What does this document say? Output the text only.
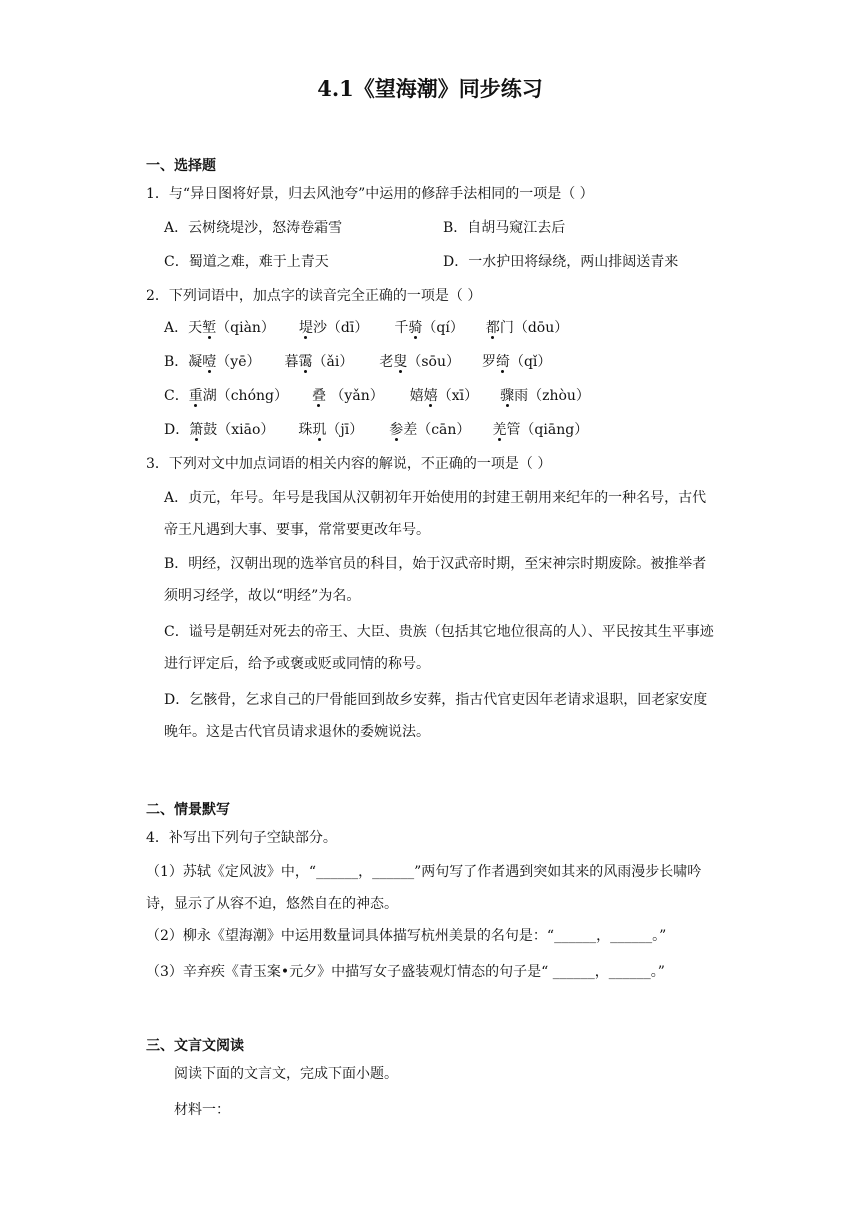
4.1《望海潮》同步练习
一、选择题
1．与“异日图将好景，归去风池夸”中运用的修辞手法相同的一项是（ ）
A．云树绕堤沙，怒涛卷霜雪	B．自胡马窥江去后
C．蜀道之难，难于上青天	D．一水护田将绿绕，两山排闼送青来
2．下列词语中，加点字的读音完全正确的一项是（ ）
A．天堑（qiàn） 堤沙（dī） 千骑（qí） 都门（dōu）
B．凝噎（yē） 暮霭（ǎi） 老叟（sōu） 罗绮（qǐ）
C．重湖（chóng） 叠 （yǎn） 嬉嬉（xī） 骤雨（zhòu）
D．箫鼓（xiāo） 珠玑（jī） 参差（cān） 羌管（qiāng）
3．下列对文中加点词语的相关内容的解说，不正确的一项是（ ）
A．贞元，年号。年号是我国从汉朝初年开始使用的封建王朝用来纪年的一种名号，古代帝王凡遇到大事、要事，常常要更改年号。
B．明经，汉朝出现的选举官员的科目，始于汉武帝时期，至宋神宗时期废除。被推举者须明习经学，故以“明经”为名。
C．谥号是朝廷对死去的帝王、大臣、贵族（包括其它地位很高的人）、平民按其生平事迹进行评定后，给予或褒或贬或同情的称号。
D．乞骸骨，乞求自己的尸骨能回到故乡安葬，指古代官吏因年老请求退职，回老家安度晚年。这是古代官员请求退休的委婉说法。
二、情景默写
4．补写出下列句子空缺部分。
（1）苏轼《定风波》中，“______，______”两句写了作者遇到突如其来的风雨漫步长啸吟诗，显示了从容不迫，悠然自在的神态。
（2）柳永《望海潮》中运用数量词具体描写杭州美景的名句是：“______，______。”
（3）辛弃疾《青玉案•元夕》中描写女子盛装观灯情态的句子是“ ______，______。”
三、文言文阅读
阅读下面的文言文，完成下面小题。
材料一：
